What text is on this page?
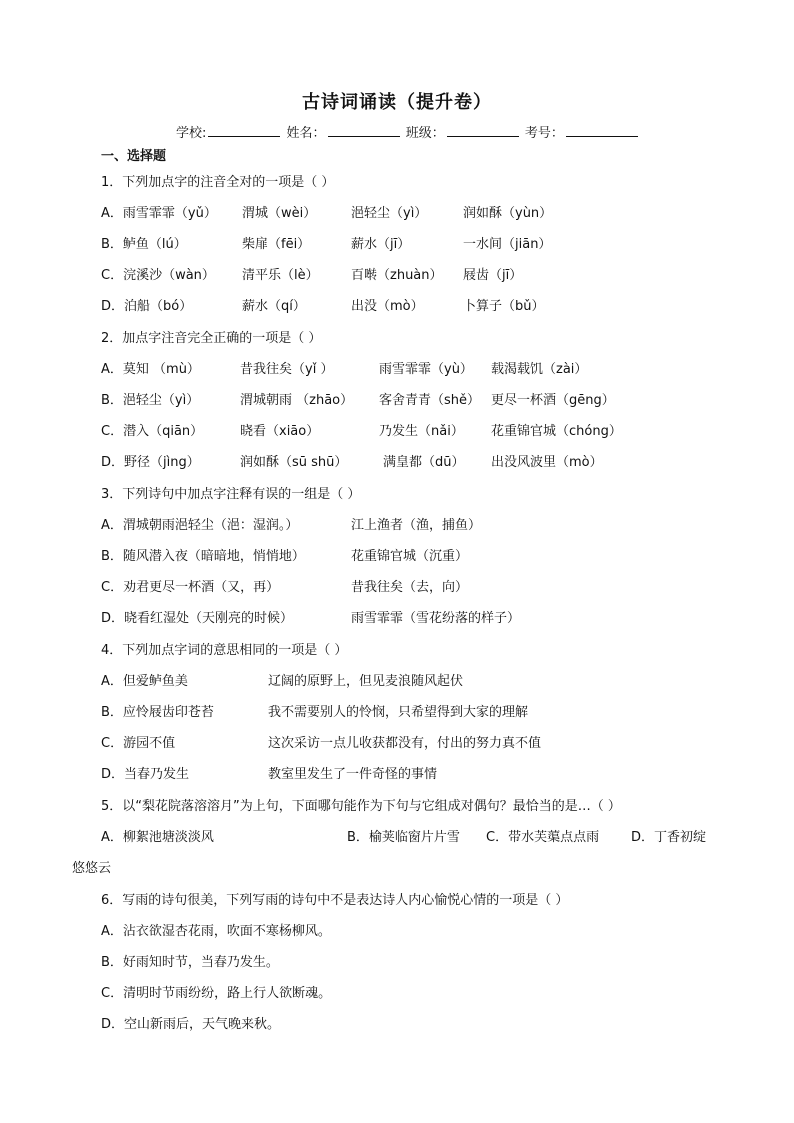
古诗词诵读（提升卷）
学校:	姓名：	班级：	考号：
一、选择题
1．下列加点字的注音全对的一项是（ ）
A．雨雪霏霏（yǔ） 渭城（wèi）	浥轻尘（yì）	润如酥（yùn）
B．鲈鱼（lú）	柴扉（fēi）	薪水（jī）	一水间（jiān）
C．浣溪沙（wàn） 清平乐（lè） 百啭（zhuàn） 屐齿（jī）
D．泊船（bó）	薪水（qí）	出没（mò）	卜算子（bǔ）
2．加点字注音完全正确的一项是（ ）
A．莫知 （mù）	昔我往矣（yǐ ）	雨雪霏霏（yù） 载渴载饥（zài）
B．浥轻尘（yì）	渭城朝雨 （zhāo） 客舍青青（shě） 更尽一杯酒（gēng）
C．潜入（qiān）	晓看（xiāo）	乃发生（nǎi） 花重锦官城（chóng）
D．野径（jìng）	润如酥（sū shū）	满皇都（dū） 出没风波里（mò）
3．下列诗句中加点字注释有误的一组是（ ）
A．渭城朝雨浥轻尘（浥：湿润。）	江上渔者（渔，捕鱼）
B．随风潜入夜（暗暗地，悄悄地）	花重锦官城（沉重）
C．劝君更尽一杯酒（又，再）	昔我往矣（去，向）
D．晓看红湿处（天刚亮的时候）	雨雪霏霏（雪花纷落的样子）
4．下列加点字词的意思相同的一项是（ ）
A．但爱鲈鱼美	辽阔的原野上，但见麦浪随风起伏
B．应怜屐齿印苍苔	我不需要别人的怜悯，只希望得到大家的理解
C．游园不值	这次采访一点儿收获都没有，付出的努力真不值
D．当春乃发生	教室里发生了一件奇怪的事情
5．以“梨花院落溶溶月”为上句，下面哪句能作为下句与它组成对偶句？最恰当的是…（ ）
A．柳絮池塘淡淡风	B．榆荚临窗片片雪 C．带水芙蕖点点雨 D．丁香初绽
悠悠云
6．写雨的诗句很美，下列写雨的诗句中不是表达诗人内心愉悦心情的一项是（ ）
A．沾衣欲湿杏花雨，吹面不寒杨柳风。
B．好雨知时节，当春乃发生。
C．清明时节雨纷纷，路上行人欲断魂。
D．空山新雨后，天气晚来秋。
